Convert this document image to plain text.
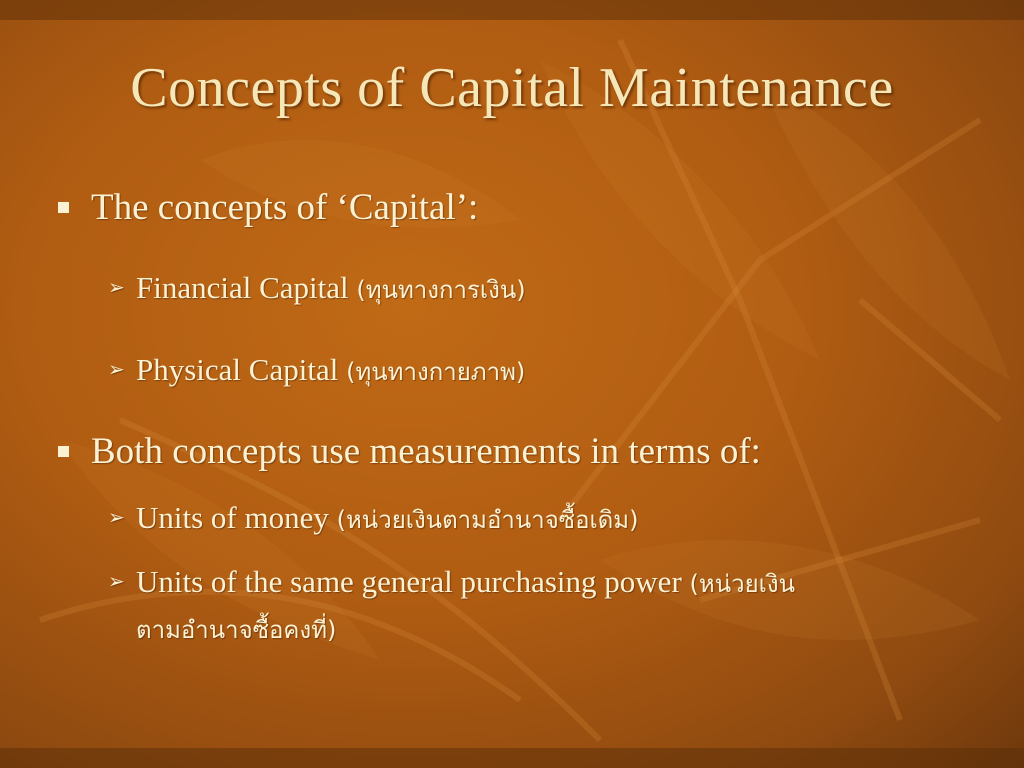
Concepts of Capital Maintenance
The concepts of ‘Capital’:
➢ Financial Capital (ทุนทางการเงิน)
➢ Physical Capital (ทุนทางกายภาพ)
Both concepts use measurements in terms of:
➢ Units of money (หน่วยเงินตามอำนาจซื้อเดิม)
➢ Units of the same general purchasing power (หน่วยเงิน
ตามอำนาจซื้อคงที่)
